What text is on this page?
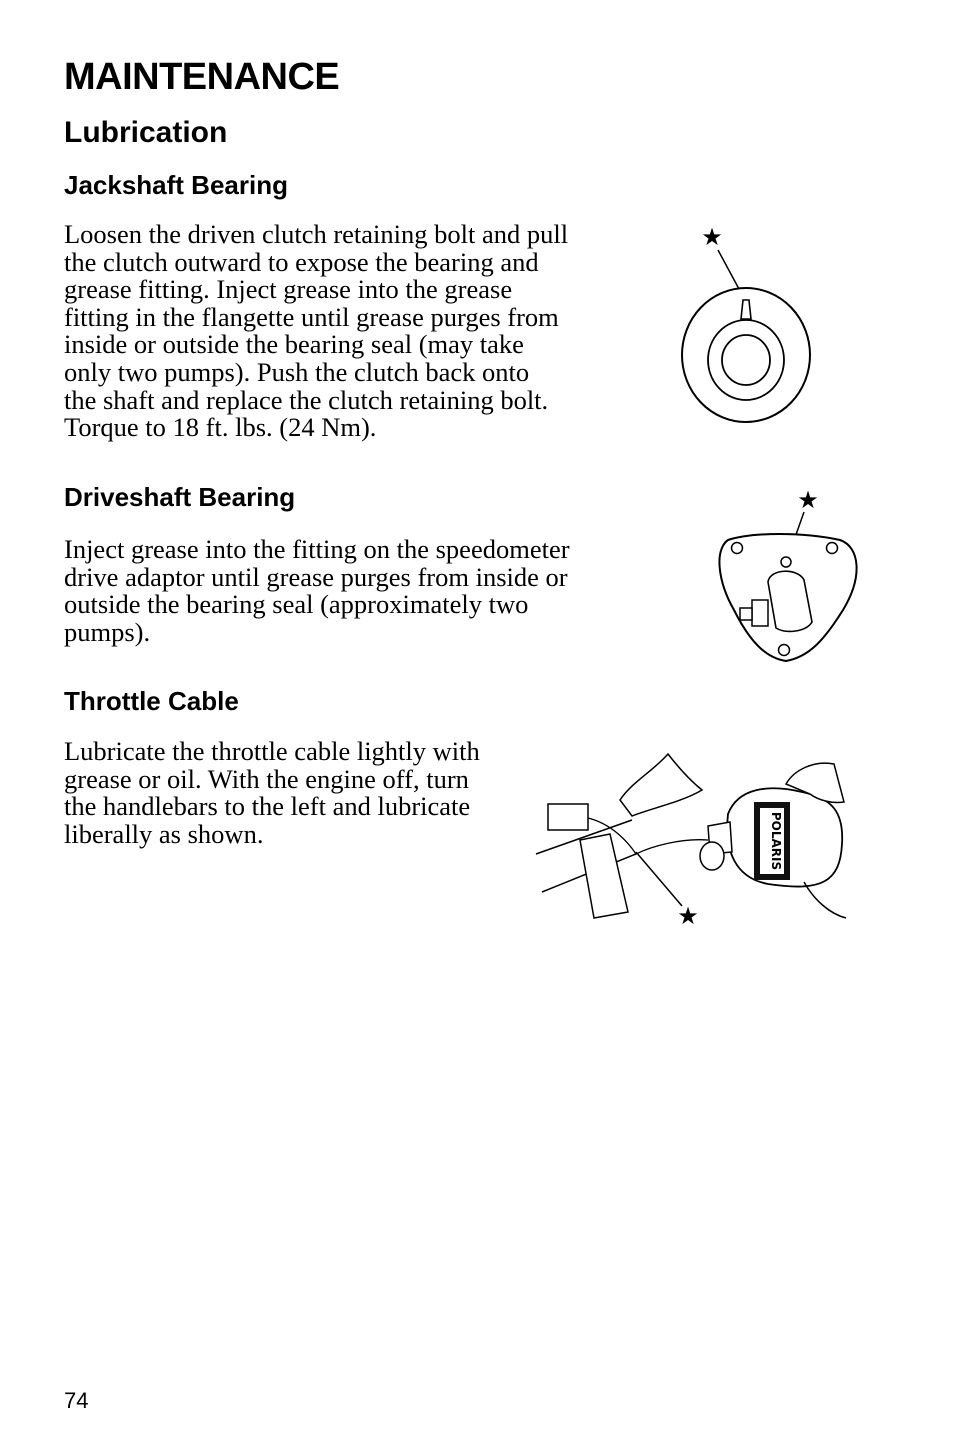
MAINTENANCE
Lubrication
Jackshaft Bearing

Loosen the driven clutch retaining bolt and pull
the clutch outward to expose the bearing and
grease fitting. Inject grease into the grease
fitting in the flangette until grease purges from
inside or outside the bearing seal (may take
only two pumps). Push the clutch back onto
the shaft and replace the clutch retaining bolt.
Torque to 18 ft. lbs. (24 Nm).

Driveshaft Bearing

Inject grease into the fitting on the speedometer
drive adaptor until grease purges from inside or
outside the bearing seal (approximately two
pumps).

Throttle Cable

Lubricate the throttle cable lightly with
grease or oil. With the engine off, turn
the handlebars to the left and lubricate
liberally as shown.

★
★
POLARIS
★
74
